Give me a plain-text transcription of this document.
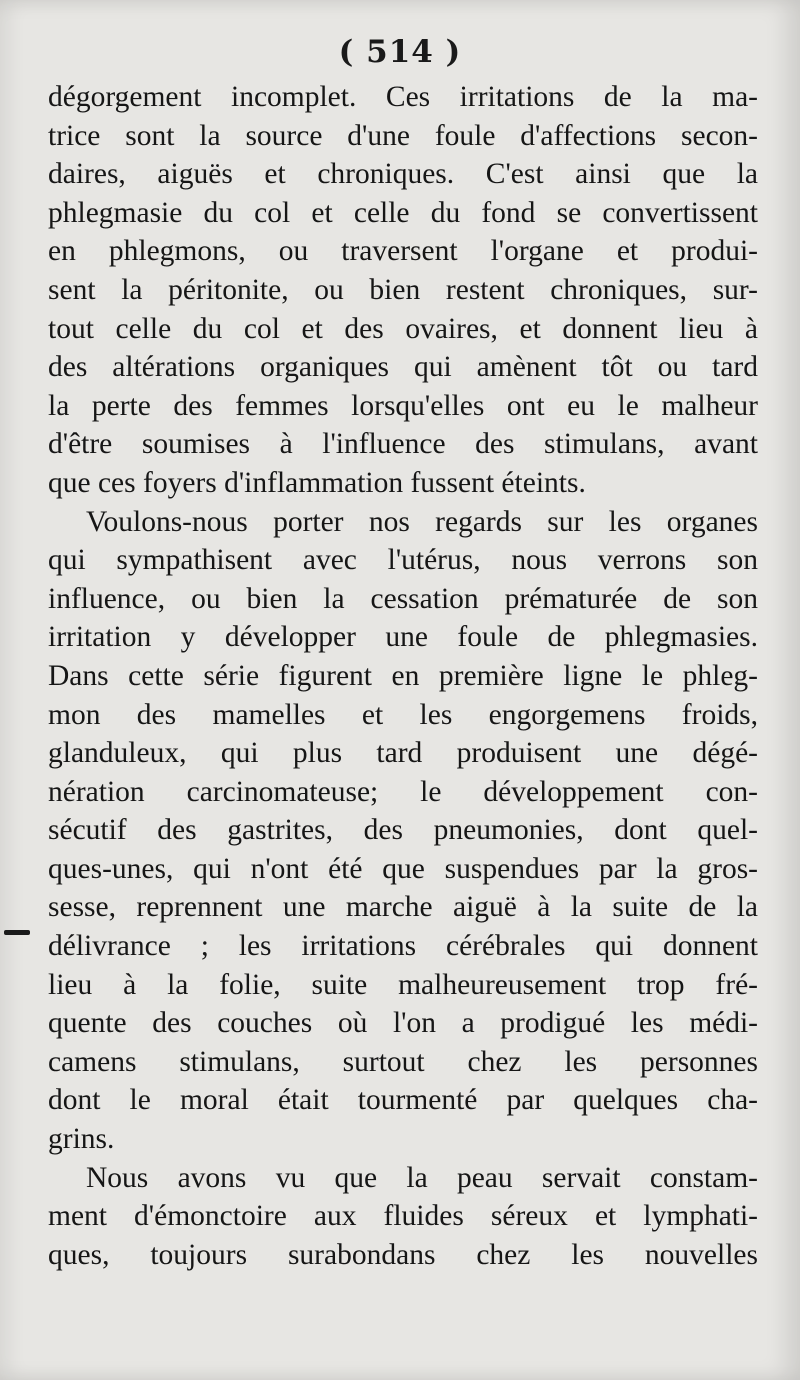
( 514 )
dégorgement incomplet. Ces irritations de la ma-
trice sont la source d'une foule d'affections secon-
daires, aiguës et chroniques. C'est ainsi que la
phlegmasie du col et celle du fond se convertissent
en phlegmons, ou traversent l'organe et produi-
sent la péritonite, ou bien restent chroniques, sur-
tout celle du col et des ovaires, et donnent lieu à
des altérations organiques qui amènent tôt ou tard
la perte des femmes lorsqu'elles ont eu le malheur
d'être soumises à l'influence des stimulans, avant
que ces foyers d'inflammation fussent éteints.
Voulons-nous porter nos regards sur les organes
qui sympathisent avec l'utérus, nous verrons son
influence, ou bien la cessation prématurée de son
irritation y développer une foule de phlegmasies.
Dans cette série figurent en première ligne le phleg-
mon des mamelles et les engorgemens froids,
glanduleux, qui plus tard produisent une dégé-
nération carcinomateuse; le développement con-
sécutif des gastrites, des pneumonies, dont quel-
ques-unes, qui n'ont été que suspendues par la gros-
sesse, reprennent une marche aiguë à la suite de la
délivrance ; les irritations cérébrales qui donnent
lieu à la folie, suite malheureusement trop fré-
quente des couches où l'on a prodigué les médi-
camens stimulans, surtout chez les personnes
dont le moral était tourmenté par quelques cha-
grins.
Nous avons vu que la peau servait constam-
ment d'émonctoire aux fluides séreux et lymphati-
ques, toujours surabondans chez les nouvelles
